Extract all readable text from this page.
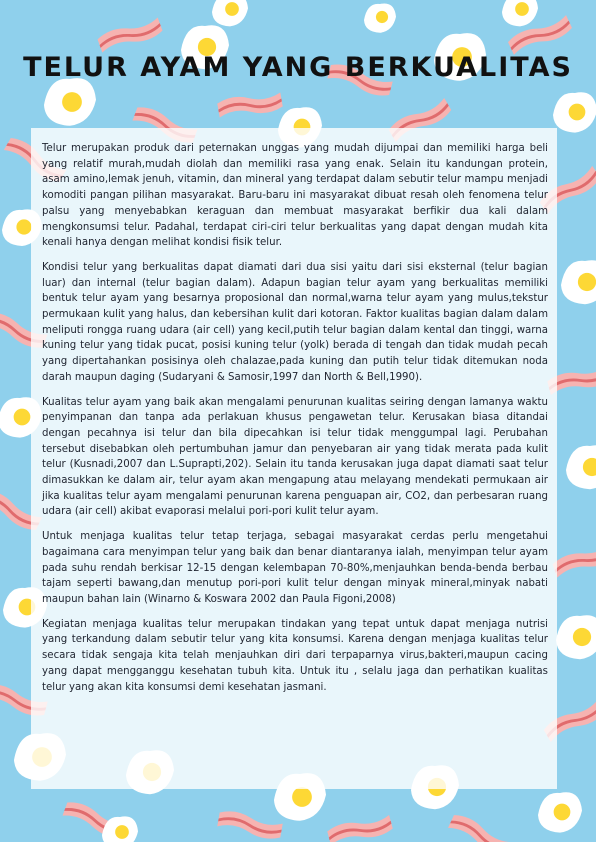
TELUR AYAM YANG BERKUALITAS

Telur merupakan produk dari peternakan unggas yang mudah dijumpai dan memiliki harga beli yang relatif murah,mudah diolah dan memiliki rasa yang enak. Selain itu kandungan protein, asam amino,lemak jenuh, vitamin, dan mineral yang terdapat dalam sebutir telur mampu menjadi komoditi pangan pilihan masyarakat. Baru-baru ini masyarakat dibuat resah oleh fenomena telur palsu yang menyebabkan keraguan dan membuat masyarakat berfikir dua kali dalam mengkonsumsi telur. Padahal, terdapat ciri-ciri telur berkualitas yang dapat dengan mudah kita kenali hanya dengan melihat kondisi fisik telur.

Kondisi telur yang berkualitas dapat diamati dari dua sisi yaitu dari sisi eksternal (telur bagian luar) dan internal (telur bagian dalam). Adapun bagian telur ayam yang berkualitas memiliki bentuk telur ayam yang besarnya proposional dan normal,warna telur ayam yang mulus,tekstur permukaan kulit yang halus, dan kebersihan kulit dari kotoran. Faktor kualitas bagian dalam dalam meliputi rongga ruang udara (air cell) yang kecil,putih telur bagian dalam kental dan tinggi, warna kuning telur yang tidak pucat, posisi kuning telur (yolk) berada di tengah dan tidak mudah pecah yang dipertahankan posisinya oleh chalazae,pada kuning dan putih telur tidak ditemukan noda darah maupun daging (Sudaryani & Samosir,1997 dan North & Bell,1990).

Kualitas telur ayam yang baik akan mengalami penurunan kualitas seiring dengan lamanya waktu penyimpanan dan tanpa ada perlakuan khusus pengawetan telur. Kerusakan biasa ditandai dengan pecahnya isi telur dan bila dipecahkan isi telur tidak menggumpal lagi. Perubahan tersebut disebabkan oleh pertumbuhan jamur dan penyebaran air yang tidak merata pada kulit telur (Kusnadi,2007 dan L.Suprapti,202). Selain itu tanda kerusakan juga dapat diamati saat telur dimasukkan ke dalam air, telur ayam akan mengapung atau melayang mendekati permukaan air jika kualitas telur ayam mengalami penurunan karena penguapan air, CO2, dan perbesaran ruang udara (air cell) akibat evaporasi melalui pori-pori kulit telur ayam.

Untuk menjaga kualitas telur tetap terjaga, sebagai masyarakat cerdas perlu mengetahui bagaimana cara menyimpan telur yang baik dan benar diantaranya ialah, menyimpan telur ayam pada suhu rendah berkisar 12-15 dengan kelembapan 70-80%,menjauhkan benda-benda berbau tajam seperti bawang,dan menutup pori-pori kulit telur dengan minyak mineral,minyak nabati maupun bahan lain (Winarno & Koswara 2002 dan Paula Figoni,2008)

Kegiatan menjaga kualitas telur merupakan tindakan yang tepat untuk dapat menjaga nutrisi yang terkandung dalam sebutir telur yang kita konsumsi. Karena dengan menjaga kualitas telur secara tidak sengaja kita telah menjauhkan diri dari terpaparnya virus,bakteri,maupun cacing yang dapat mengganggu kesehatan tubuh kita. Untuk itu , selalu jaga dan perhatikan kualitas telur yang akan kita konsumsi demi kesehatan jasmani.
